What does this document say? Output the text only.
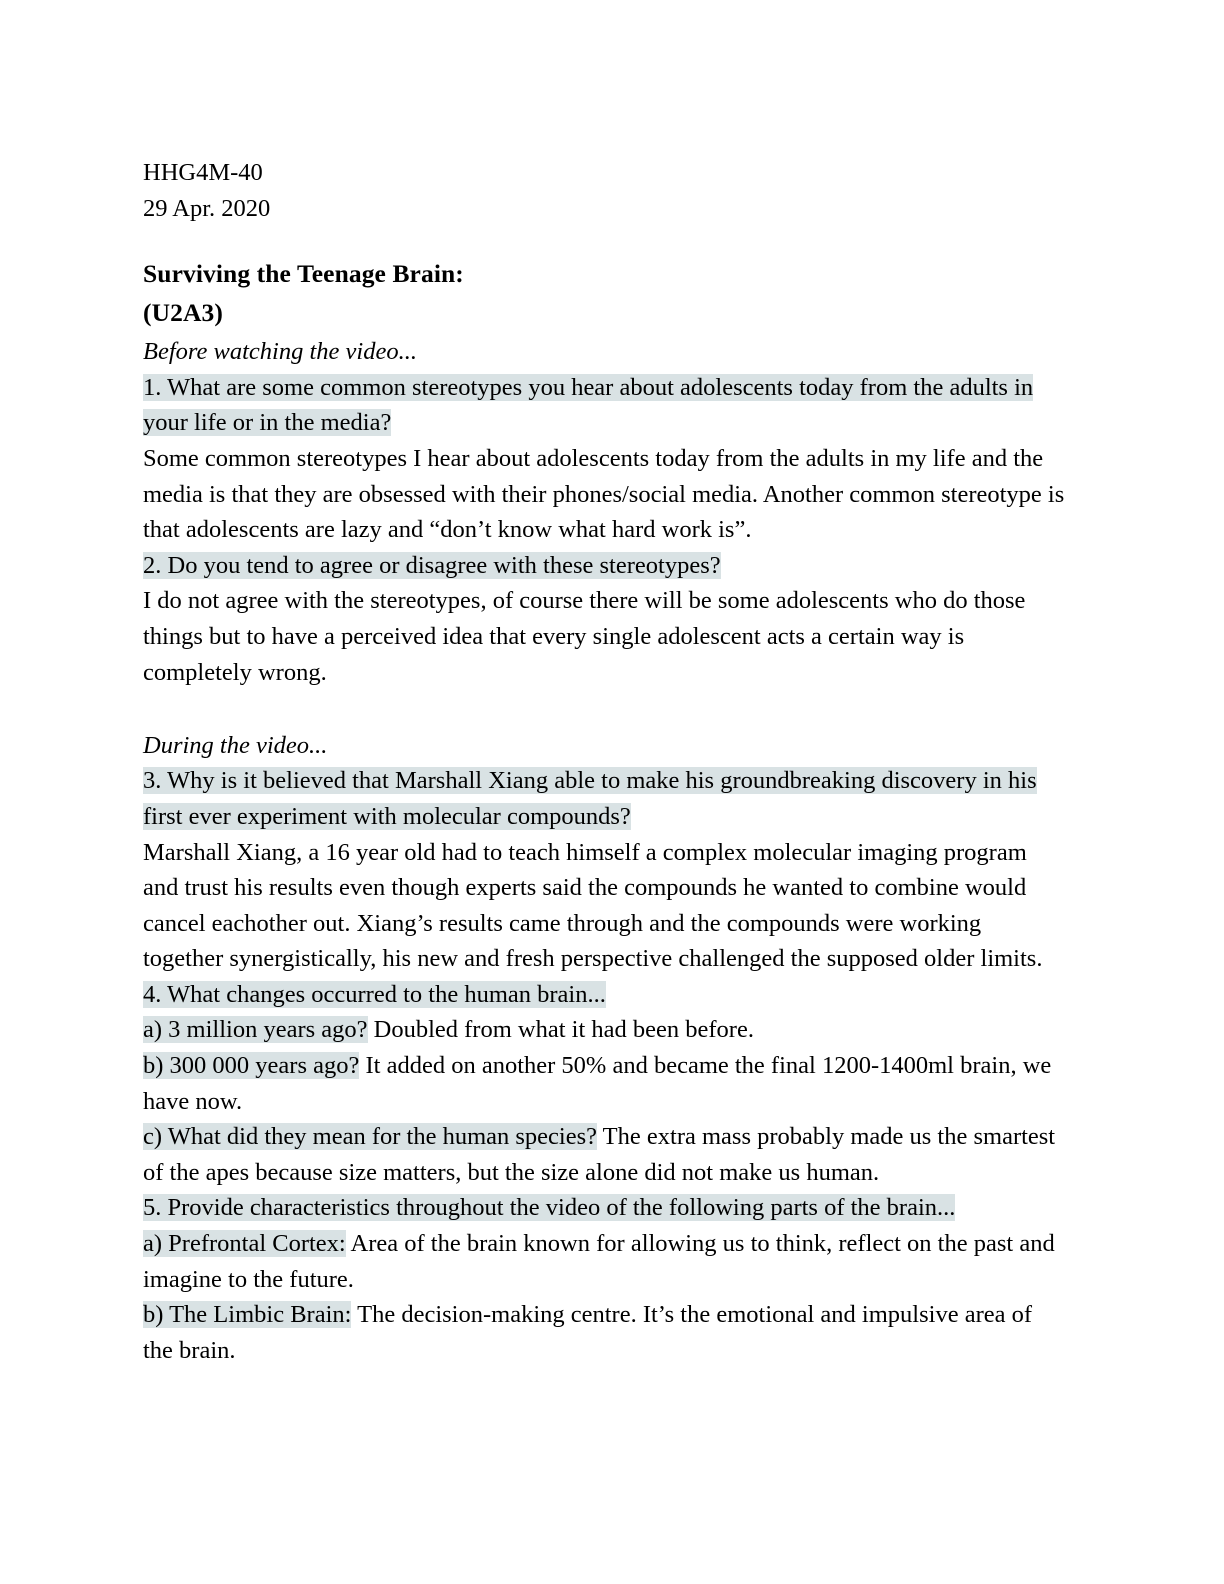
HHG4M-40
29 Apr. 2020
Surviving the Teenage Brain:
(U2A3)
Before watching the video...
1. What are some common stereotypes you hear about adolescents today from the adults in your life or in the media?
Some common stereotypes I hear about adolescents today from the adults in my life and the media is that they are obsessed with their phones/social media. Another common stereotype is that adolescents are lazy and “don’t know what hard work is”.
2. Do you tend to agree or disagree with these stereotypes?
I do not agree with the stereotypes, of course there will be some adolescents who do those things but to have a perceived idea that every single adolescent acts a certain way is completely wrong.

During the video...
3. Why is it believed that Marshall Xiang able to make his groundbreaking discovery in his first ever experiment with molecular compounds?
Marshall Xiang, a 16 year old had to teach himself a complex molecular imaging program and trust his results even though experts said the compounds he wanted to combine would cancel eachother out. Xiang’s results came through and the compounds were working together synergistically, his new and fresh perspective challenged the supposed older limits.
4. What changes occurred to the human brain...
a) 3 million years ago? Doubled from what it had been before.
b) 300 000 years ago? It added on another 50% and became the final 1200-1400ml brain, we have now.
c) What did they mean for the human species? The extra mass probably made us the smartest of the apes because size matters, but the size alone did not make us human.
5. Provide characteristics throughout the video of the following parts of the brain...
a) Prefrontal Cortex: Area of the brain known for allowing us to think, reflect on the past and imagine to the future.
b) The Limbic Brain: The decision-making centre. It’s the emotional and impulsive area of the brain.
